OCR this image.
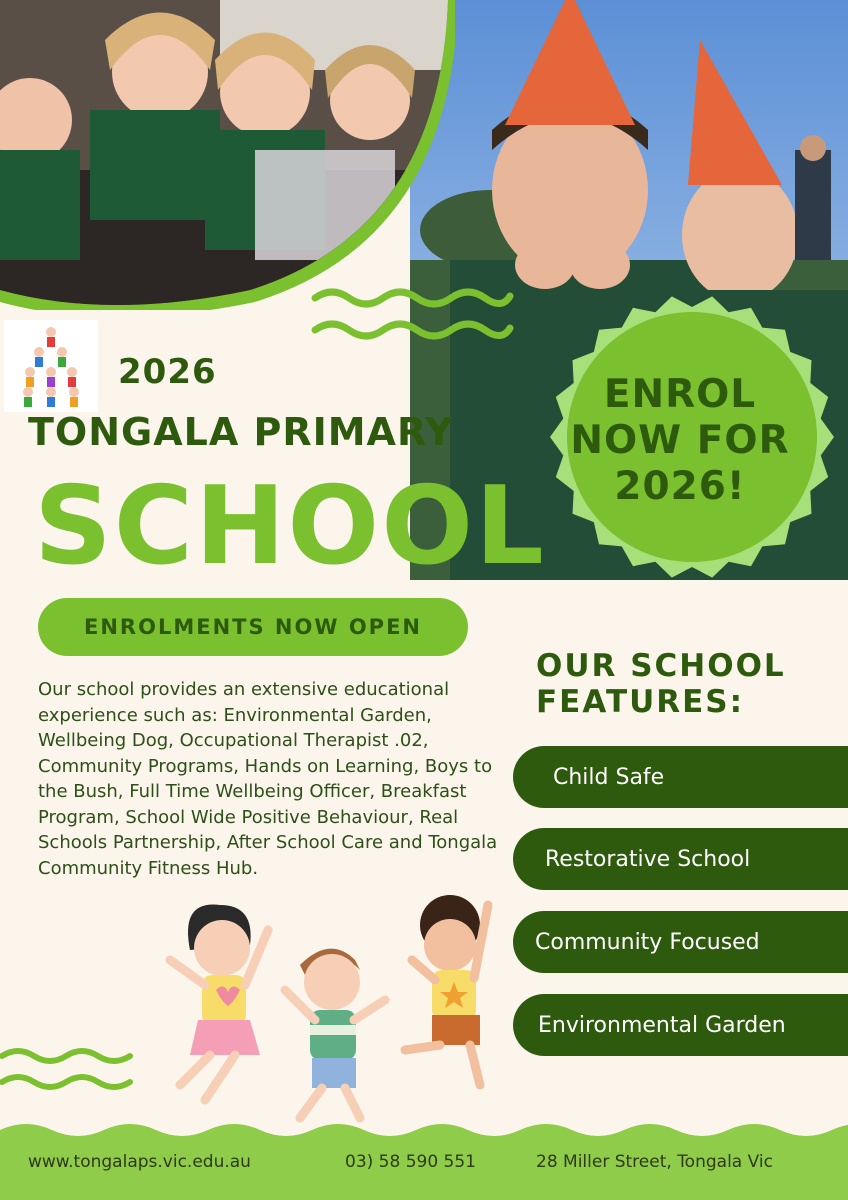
2026
TONGALA PRIMARY
SCHOOL
ENROLMENTS NOW OPEN
ENROL
NOW FOR
2026!
Our school provides an extensive educational experience such as: Environmental Garden, Wellbeing Dog, Occupational Therapist .02, Community Programs, Hands on Learning, Boys to the Bush, Full Time Wellbeing Officer, Breakfast Program, School Wide Positive Behaviour, Real Schools Partnership, After School Care and Tongala Community Fitness Hub.
OUR SCHOOL
FEATURES:
Child Safe
Restorative School
Community Focused
Environmental Garden
www.tongalaps.vic.edu.au	03) 58 590 551	28 Miller Street, Tongala Vic
